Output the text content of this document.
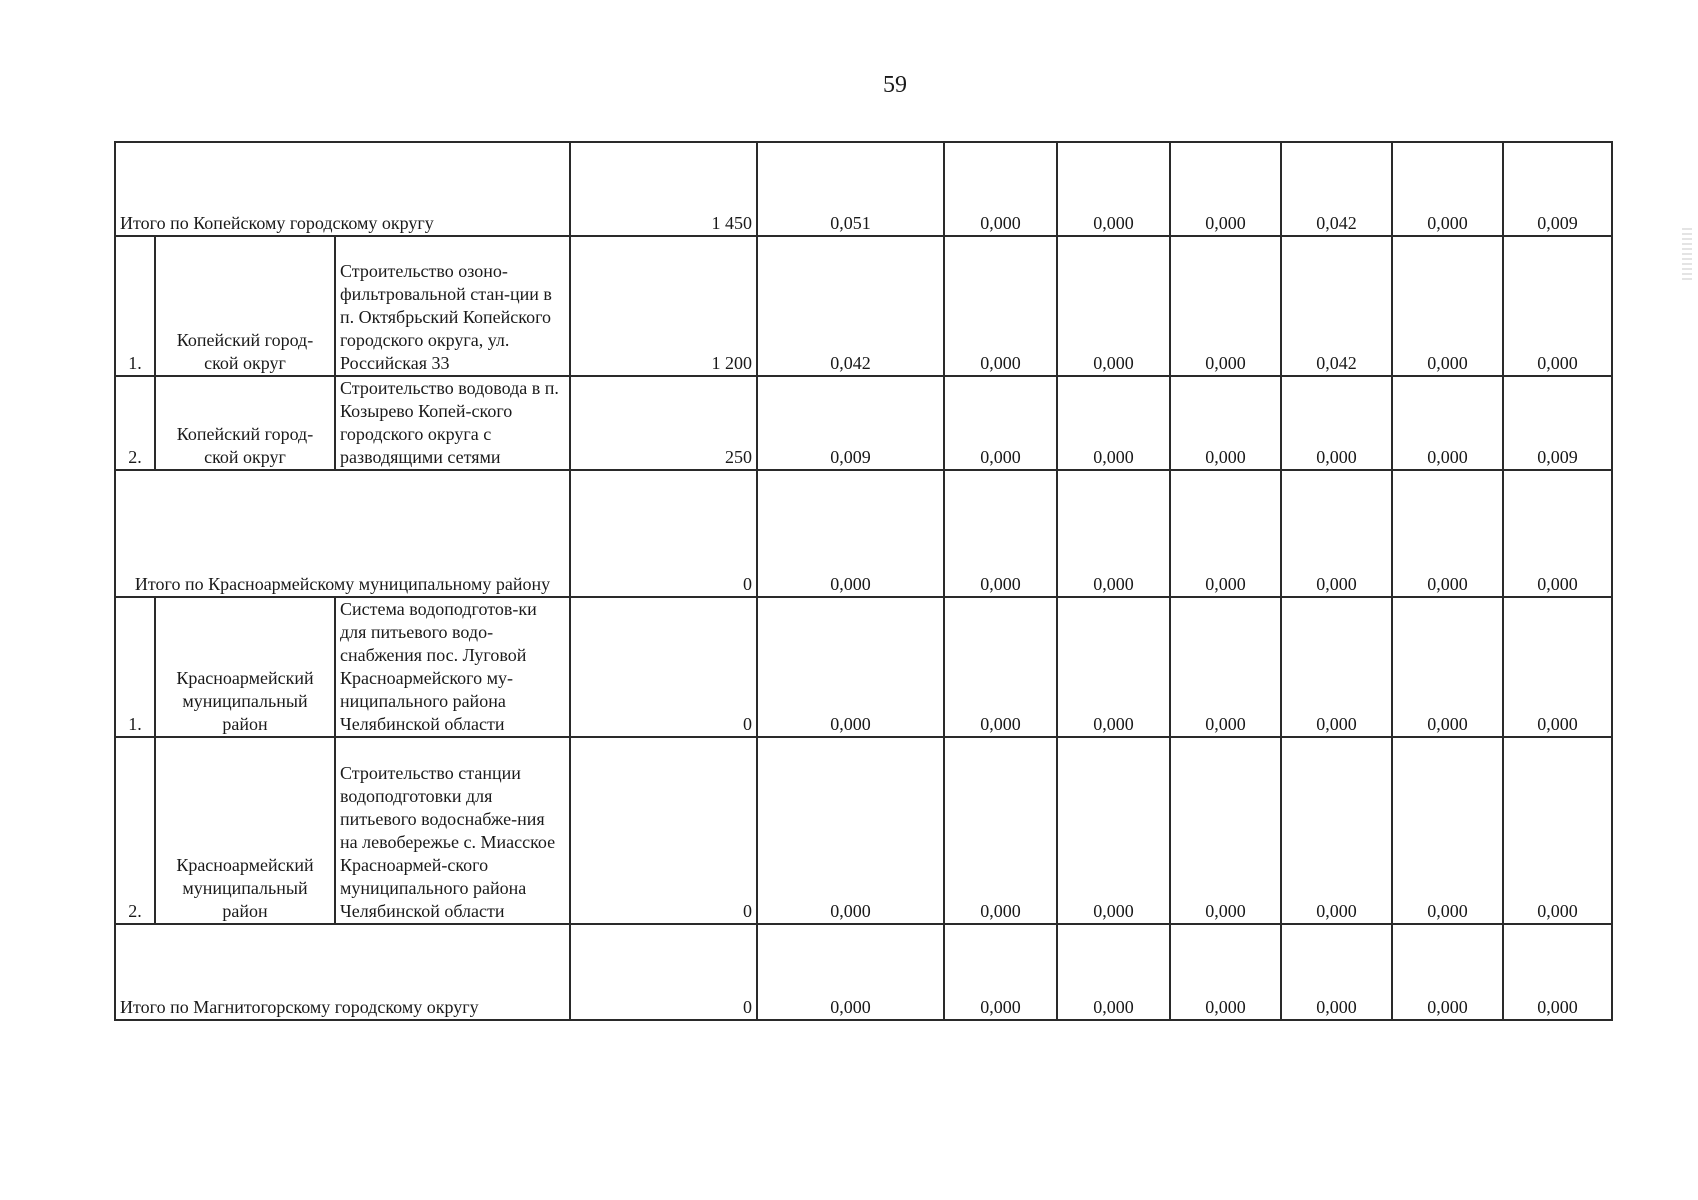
59
Итого по Копейскому городскому округу			1 450	0,051	0,000	0,000	0,000	0,042	0,000	0,009
1.	Копейский город-ской округ	Строительство озоно-фильтровальной стан-ции в п. Октябрьский Копейского городского округа, ул. Российская 33	1 200	0,042	0,000	0,000	0,000	0,042	0,000	0,000
2.	Копейский город-ской округ	Строительство водовода в п. Козырево Копей-ского городского округа с разводящими сетями	250	0,009	0,000	0,000	0,000	0,000	0,000	0,009
Итого по Красноармейскому муниципальному району			0	0,000	0,000	0,000	0,000	0,000	0,000	0,000
1.	Красноармейский муниципальный район	Система водоподготов-ки для питьевого водо-снабжения пос. Луговой Красноармейского му-ниципального района Челябинской области	0	0,000	0,000	0,000	0,000	0,000	0,000	0,000
2.	Красноармейский муниципальный район	Строительство станции водоподготовки для питьевого водоснабже-ния на левобережье с. Миасское Красноармей-ского муниципального района Челябинской области	0	0,000	0,000	0,000	0,000	0,000	0,000	0,000
Итого по Магнитогорскому городскому округу			0	0,000	0,000	0,000	0,000	0,000	0,000	0,000
